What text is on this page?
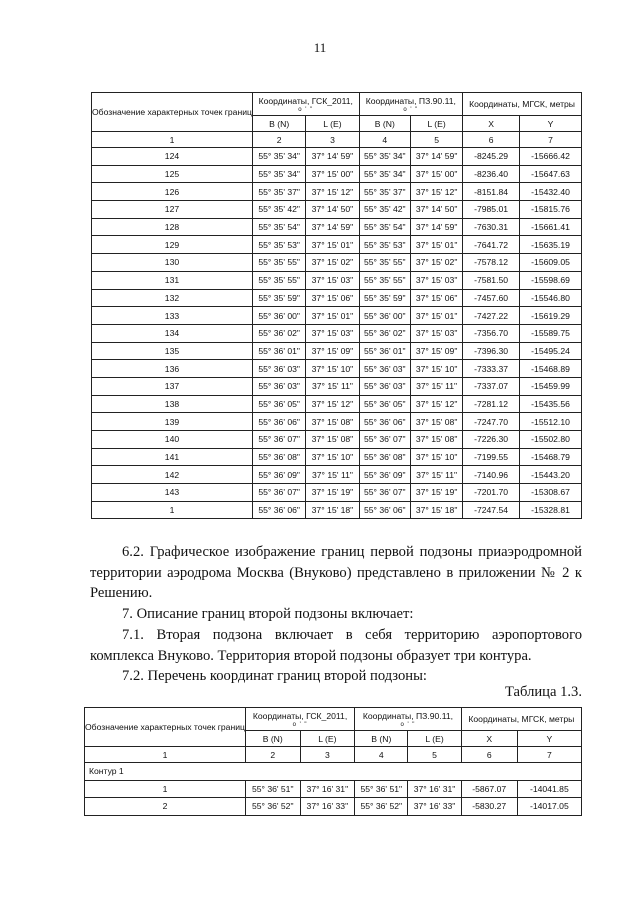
11
Обозначение характерных точек границ	Координаты, ГСК_2011,
о ' "		Координаты, ПЗ.90.11,
о ' "		Координаты, МГСК, метры	
	B (N)	L (E)	B (N)	L (E)	X	Y
1	2	3	4	5	6	7
124	55° 35' 34"	37° 14' 59"	55° 35' 34"	37° 14' 59"	-8245.29	-15666.42
125	55° 35' 34"	37° 15' 00"	55° 35' 34"	37° 15' 00"	-8236.40	-15647.63
126	55° 35' 37"	37° 15' 12"	55° 35' 37"	37° 15' 12"	-8151.84	-15432.40
127	55° 35' 42"	37° 14' 50"	55° 35' 42"	37° 14' 50"	-7985.01	-15815.76
128	55° 35' 54"	37° 14' 59"	55° 35' 54"	37° 14' 59"	-7630.31	-15661.41
129	55° 35' 53"	37° 15' 01"	55° 35' 53"	37° 15' 01"	-7641.72	-15635.19
130	55° 35' 55"	37° 15' 02"	55° 35' 55"	37° 15' 02"	-7578.12	-15609.05
131	55° 35' 55"	37° 15' 03"	55° 35' 55"	37° 15' 03"	-7581.50	-15598.69
132	55° 35' 59"	37° 15' 06"	55° 35' 59"	37° 15' 06"	-7457.60	-15546.80
133	55° 36' 00"	37° 15' 01"	55° 36' 00"	37° 15' 01"	-7427.22	-15619.29
134	55° 36' 02"	37° 15' 03"	55° 36' 02"	37° 15' 03"	-7356.70	-15589.75
135	55° 36' 01"	37° 15' 09"	55° 36' 01"	37° 15' 09"	-7396.30	-15495.24
136	55° 36' 03"	37° 15' 10"	55° 36' 03"	37° 15' 10"	-7333.37	-15468.89
137	55° 36' 03"	37° 15' 11"	55° 36' 03"	37° 15' 11"	-7337.07	-15459.99
138	55° 36' 05"	37° 15' 12"	55° 36' 05"	37° 15' 12"	-7281.12	-15435.56
139	55° 36' 06"	37° 15' 08"	55° 36' 06"	37° 15' 08"	-7247.70	-15512.10
140	55° 36' 07"	37° 15' 08"	55° 36' 07"	37° 15' 08"	-7226.30	-15502.80
141	55° 36' 08"	37° 15' 10"	55° 36' 08"	37° 15' 10"	-7199.55	-15468.79
142	55° 36' 09"	37° 15' 11"	55° 36' 09"	37° 15' 11"	-7140.96	-15443.20
143	55° 36' 07"	37° 15' 19"	55° 36' 07"	37° 15' 19"	-7201.70	-15308.67
1	55° 36' 06"	37° 15' 18"	55° 36' 06"	37° 15' 18"	-7247.54	-15328.81
6.2. Графическое изображение границ первой подзоны приаэродромной территории аэродрома Москва (Внуково) представлено в приложении № 2 к Решению.
7. Описание границ второй подзоны включает:
7.1. Вторая подзона включает в себя территорию аэропортового комплекса Внуково. Территория второй подзоны образует три контура.
7.2. Перечень координат границ второй подзоны:
Таблица 1.3.
Обозначение характерных точек границ	Координаты, ГСК_2011,
о ' "		Координаты, ПЗ.90.11,
о ' "		Координаты, МГСК, метры	
	B (N)	L (E)	B (N)	L (E)	X	Y
1	2	3	4	5	6	7
Контур 1						
1	55° 36' 51"	37° 16' 31"	55° 36' 51"	37° 16' 31"	-5867.07	-14041.85
2	55° 36' 52"	37° 16' 33"	55° 36' 52"	37° 16' 33"	-5830.27	-14017.05
